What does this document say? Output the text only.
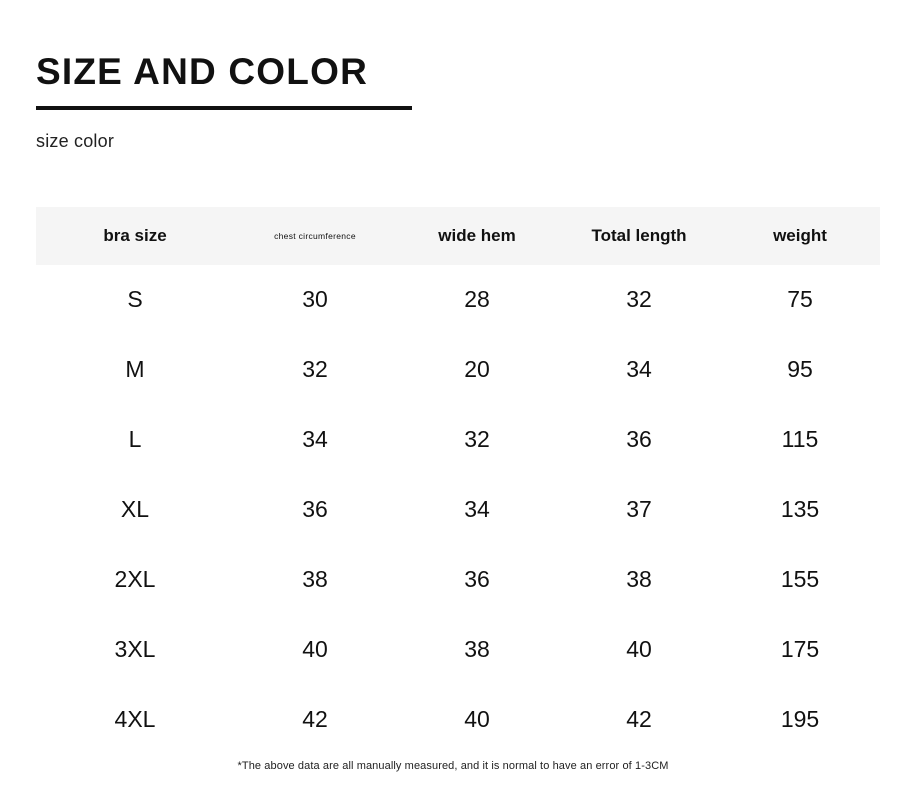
SIZE AND COLOR

size color

bra size	chest circumference	wide hem	Total length	weight
S	30	28	32	75
M	32	20	34	95
L	34	32	36	115
XL	36	34	37	135
2XL	38	36	38	155
3XL	40	38	40	175
4XL	42	40	42	195
*The above data are all manually measured, and it is normal to have an error of 1-3CM
